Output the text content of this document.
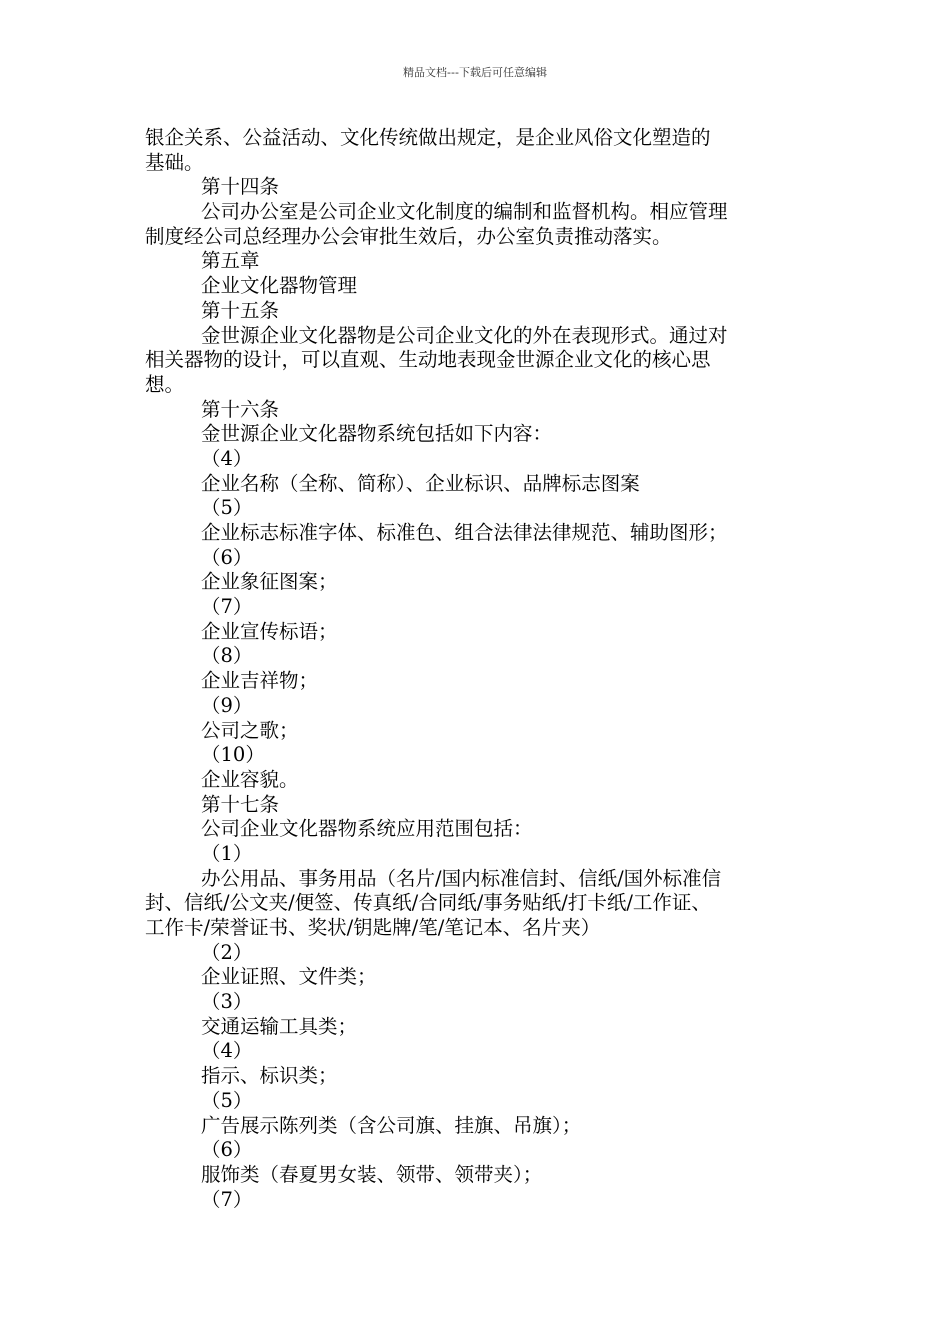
精品文档---下载后可任意编辑
银企关系、公益活动、文化传统做出规定，是企业风俗文化塑造的
基础。
第十四条
公司办公室是公司企业文化制度的编制和监督机构。相应管理
制度经公司总经理办公会审批生效后，办公室负责推动落实。
第五章
企业文化器物管理
第十五条
金世源企业文化器物是公司企业文化的外在表现形式。通过对
相关器物的设计，可以直观、生动地表现金世源企业文化的核心思
想。
第十六条
金世源企业文化器物系统包括如下内容：
（4）
企业名称（全称、简称）、企业标识、品牌标志图案
（5）
企业标志标准字体、标准色、组合法律法律规范、辅助图形；
（6）
企业象征图案；
（7）
企业宣传标语；
（8）
企业吉祥物；
（9）
公司之歌；
（10）
企业容貌。
第十七条
公司企业文化器物系统应用范围包括：
（1）
办公用品、事务用品（名片/国内标准信封、信纸/国外标准信
封、信纸/公文夹/便签、传真纸/合同纸/事务贴纸/打卡纸/工作证、
工作卡/荣誉证书、奖状/钥匙牌/笔/笔记本、名片夹）
（2）
企业证照、文件类；
（3）
交通运输工具类；
（4）
指示、标识类；
（5）
广告展示陈列类（含公司旗、挂旗、吊旗）；
（6）
服饰类（春夏男女装、领带、领带夹）；
（7）
